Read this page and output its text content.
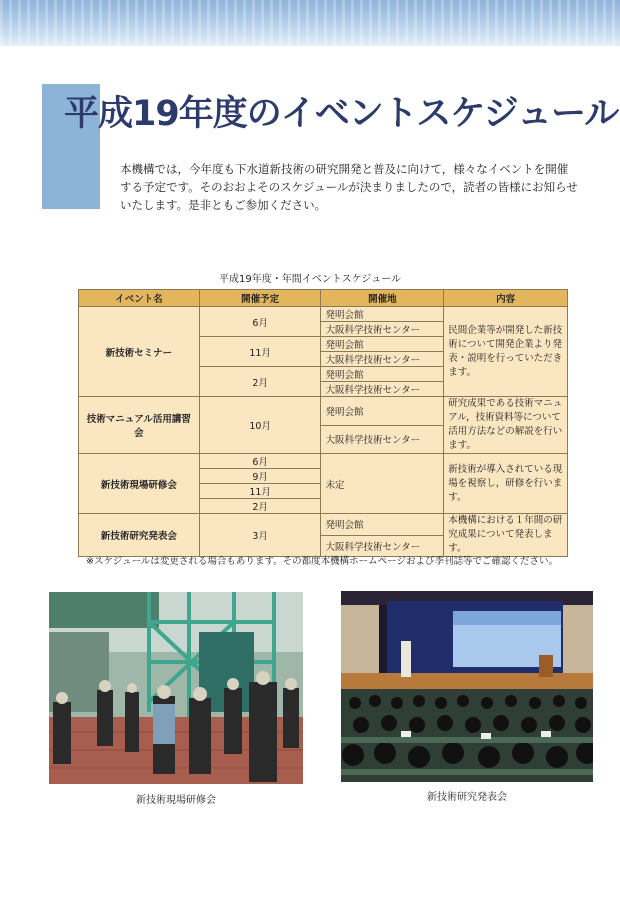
平成19年度のイベントスケジュール
本機構では，今年度も下水道新技術の研究開発と普及に向けて，様々なイベントを開催する予定です。そのおおよそのスケジュールが決まりましたので，読者の皆様にお知らせいたします。是非ともご参加ください。
平成19年度・年間イベントスケジュール
イベント名	開催予定	開催地	内容
新技術セミナー	6月	発明会館	民間企業等が開発した新技術について開発企業より発表・説明を行っていただきます。
		大阪科学技術センター	
	11月	発明会館	
		大阪科学技術センター	
	2月	発明会館	
		大阪科学技術センター	
技術マニュアル活用講習会	10月	発明会館	研究成果である技術マニュアル，技術資料等について活用方法などの解説を行います。
		大阪科学技術センター	
新技術現場研修会	6月	未定	新技術が導入されている現場を視察し，研修を行います。
	9月		
	11月		
	2月		
新技術研究発表会	3月	発明会館	本機構における１年間の研究成果について発表します。
		大阪科学技術センター	
※スケジュールは変更される場合もあります。その都度本機構ホームページおよび季刊誌等でご確認ください。
新技術現場研修会	新技術研究発表会
